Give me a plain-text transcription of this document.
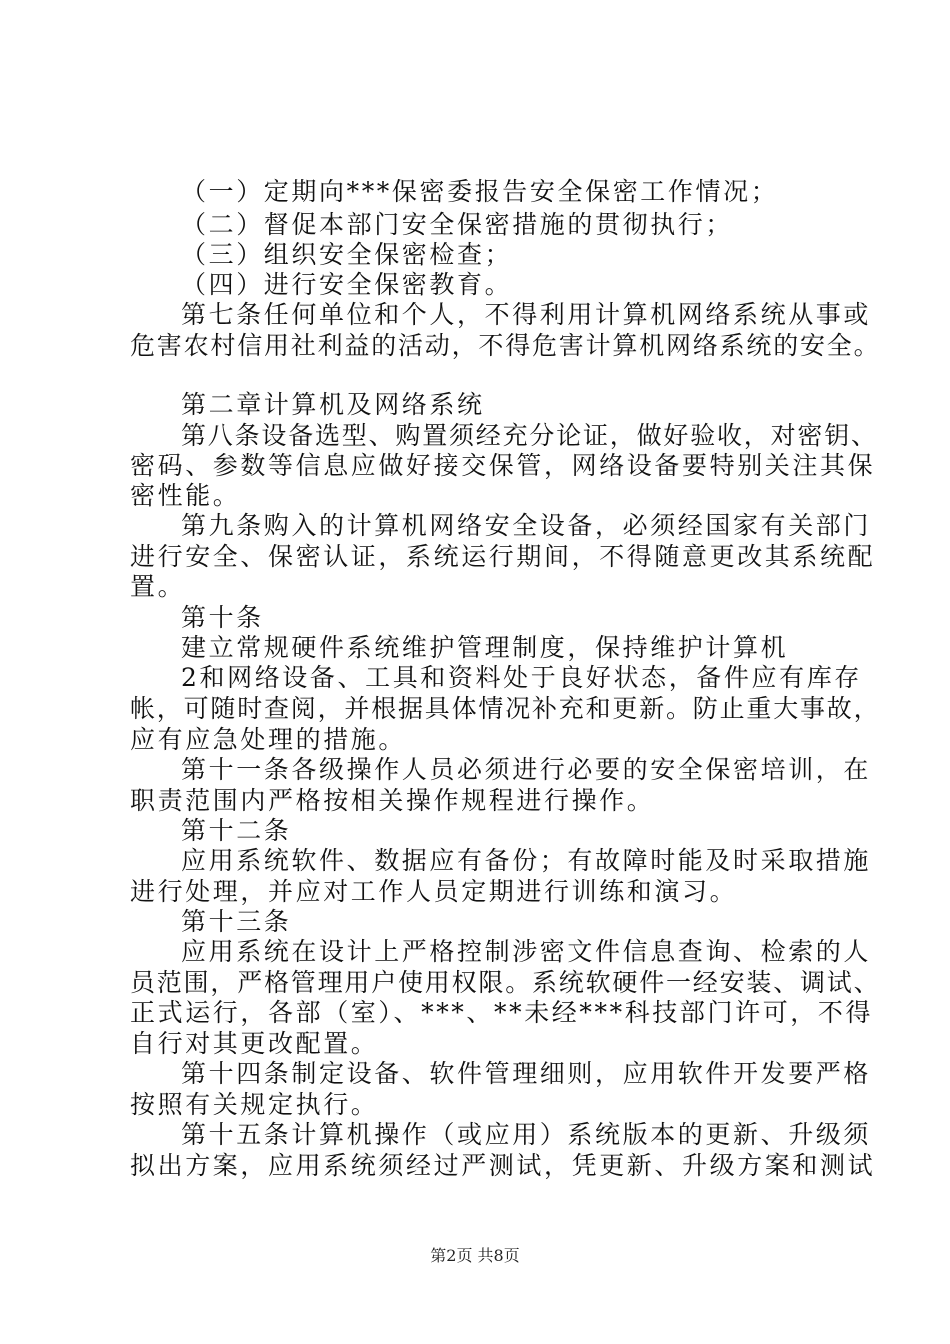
（一）定期向***保密委报告安全保密工作情况；
（二）督促本部门安全保密措施的贯彻执行；
（三）组织安全保密检查；
（四）进行安全保密教育。
第七条任何单位和个人，不得利用计算机网络系统从事或
危害农村信用社利益的活动，不得危害计算机网络系统的安全。
第二章计算机及网络系统
第八条设备选型、购置须经充分论证，做好验收，对密钥、
密码、参数等信息应做好接交保管，网络设备要特别关注其保
密性能。
第九条购入的计算机网络安全设备，必须经国家有关部门
进行安全、保密认证，系统运行期间，不得随意更改其系统配
置。
第十条
建立常规硬件系统维护管理制度，保持维护计算机
2和网络设备、工具和资料处于良好状态，备件应有库存
帐，可随时查阅，并根据具体情况补充和更新。防止重大事故，
应有应急处理的措施。
第十一条各级操作人员必须进行必要的安全保密培训，在
职责范围内严格按相关操作规程进行操作。
第十二条
应用系统软件、数据应有备份；有故障时能及时采取措施
进行处理，并应对工作人员定期进行训练和演习。
第十三条
应用系统在设计上严格控制涉密文件信息查询、检索的人
员范围，严格管理用户使用权限。系统软硬件一经安装、调试、
正式运行，各部（室）、***、**未经***科技部门许可，不得
自行对其更改配置。
第十四条制定设备、软件管理细则，应用软件开发要严格
按照有关规定执行。
第十五条计算机操作（或应用）系统版本的更新、升级须
拟出方案，应用系统须经过严测试，凭更新、升级方案和测试
第2页 共8页
